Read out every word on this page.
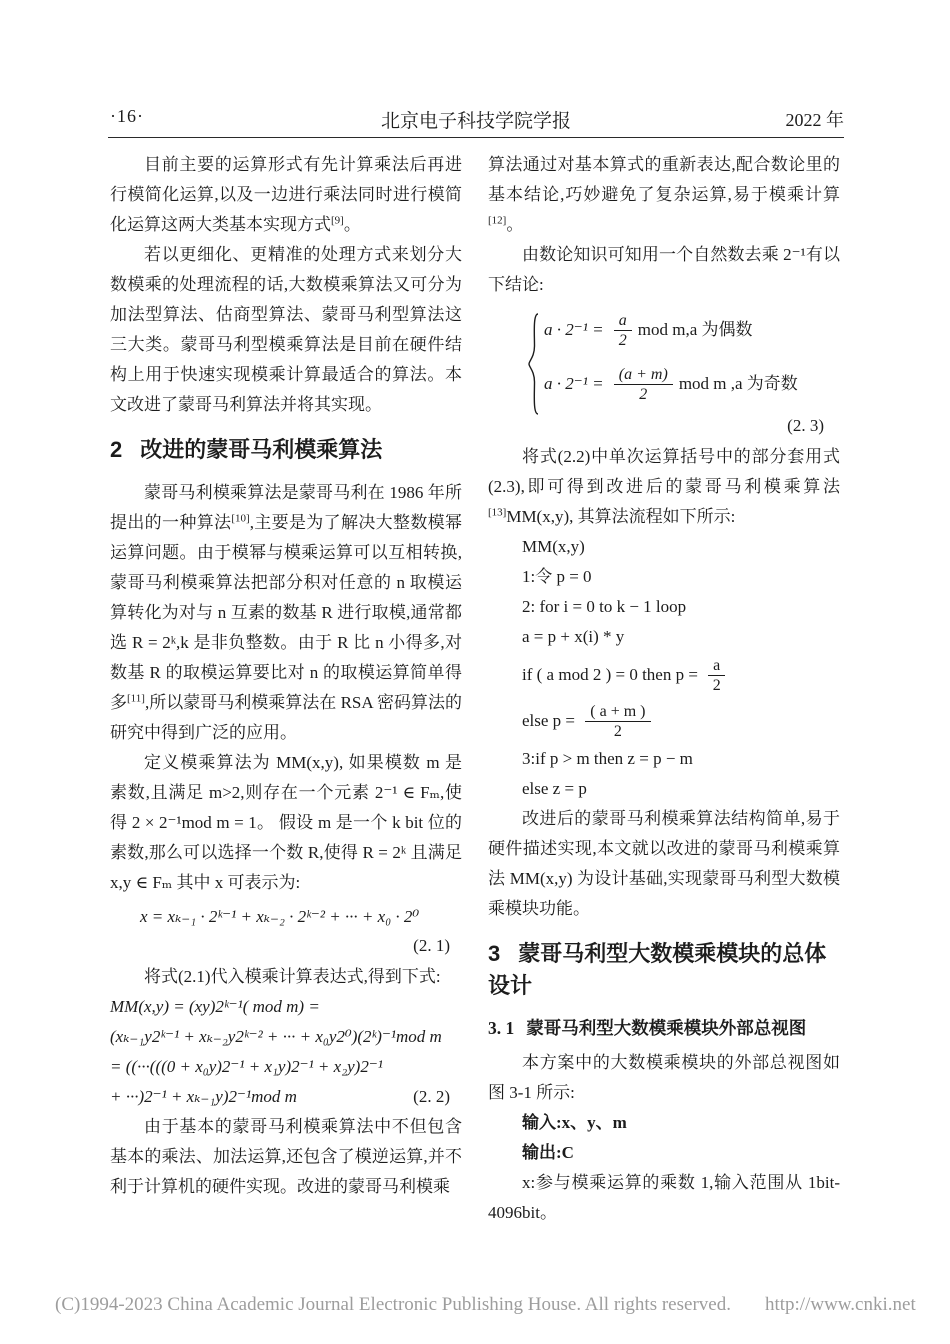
·16·	北京电子科技学院学报	2022 年

目前主要的运算形式有先计算乘法后再进行模简化运算,以及一边进行乘法同时进行模简化运算这两大类基本实现方式[9]。

若以更细化、更精准的处理方式来划分大数模乘的处理流程的话,大数模乘算法又可分为加法型算法、估商型算法、蒙哥马利型算法这三大类。蒙哥马利型模乘算法是目前在硬件结构上用于快速实现模乘计算最适合的算法。本文改进了蒙哥马利算法并将其实现。

2 改进的蒙哥马利模乘算法

蒙哥马利模乘算法是蒙哥马利在 1986 年所提出的一种算法[10],主要是为了解决大整数模幂运算问题。由于模幂与模乘运算可以互相转换,蒙哥马利模乘算法把部分积对任意的 n 取模运算转化为对与 n 互素的数基 R 进行取模,通常都选 R = 2ᵏ,k 是非负整数。由于 R 比 n 小得多,对数基 R 的取模运算要比对 n 的取模运算简单得多[11],所以蒙哥马利模乘算法在 RSA 密码算法的研究中得到广泛的应用。

定义模乘算法为 MM(x,y), 如果模数 m 是素数,且满足 m>2,则存在一个元素 2⁻¹ ∈ Fₘ,使得 2 × 2⁻¹mod m = 1。 假设 m 是一个 k bit 位的素数,那么可以选择一个数 R,使得 R = 2ᵏ 且满足 x,y ∈ Fₘ 其中 x 可表示为:

x = xₖ₋₁ · 2ᵏ⁻¹ + xₖ₋₂ · 2ᵏ⁻² + ··· + x₀ · 2⁰
(2. 1)

将式(2.1)代入模乘计算表达式,得到下式:

MM(x,y) = (xy)2ᵏ⁻¹( mod m) =
(xₖ₋₁y2ᵏ⁻¹ + xₖ₋₂y2ᵏ⁻² + ··· + x₀y2⁰)(2ᵏ)⁻¹mod m
= ((···(((0 + x₀y)2⁻¹ + x₁y)2⁻¹ + x₂y)2⁻¹
+ ···)2⁻¹ + xₖ₋₁y)2⁻¹mod m	(2. 2)

由于基本的蒙哥马利模乘算法中不但包含基本的乘法、加法运算,还包含了模逆运算,并不利于计算机的硬件实现。改进的蒙哥马利模乘

算法通过对基本算式的重新表达,配合数论里的基本结论,巧妙避免了复杂运算,易于模乘计算[12]。

由数论知识可知用一个自然数去乘 2⁻¹有以下结论:

$a \cdot 2^{-1} = \frac{a}{2}$ mod m,a 为偶数
$a \cdot 2^{-1} = \frac{(a + m)}{2}$ mod m ,a 为奇数
(2. 3)

将式(2.2)中单次运算括号中的部分套用式(2.3),即可得到改进后的蒙哥马利模乘算法[13]MM(x,y), 其算法流程如下所示:

MM(x,y)
1:令 p = 0
2: for i = 0 to k − 1 loop
a = p + x(i) * y
if ( a mod 2 ) = 0 then $p = \frac{a}{2}$
else $p = \frac{( a + m )}{2}$
3:if p > m then z = p − m
else z = p

改进后的蒙哥马利模乘算法结构简单,易于硬件描述实现,本文就以改进的蒙哥马利模乘算法 MM(x,y) 为设计基础,实现蒙哥马利型大数模乘模块功能。

3 蒙哥马利型大数模乘模块的总体设计
3. 1 蒙哥马利型大数模乘模块外部总视图

本方案中的大数模乘模块的外部总视图如图 3-1 所示:

输入:x、y、m

输出:C

x:参与模乘运算的乘数 1,输入范围从 1bit-4096bit。

(C)1994-2023 China Academic Journal Electronic Publishing House. All rights reserved. http://www.cnki.net
